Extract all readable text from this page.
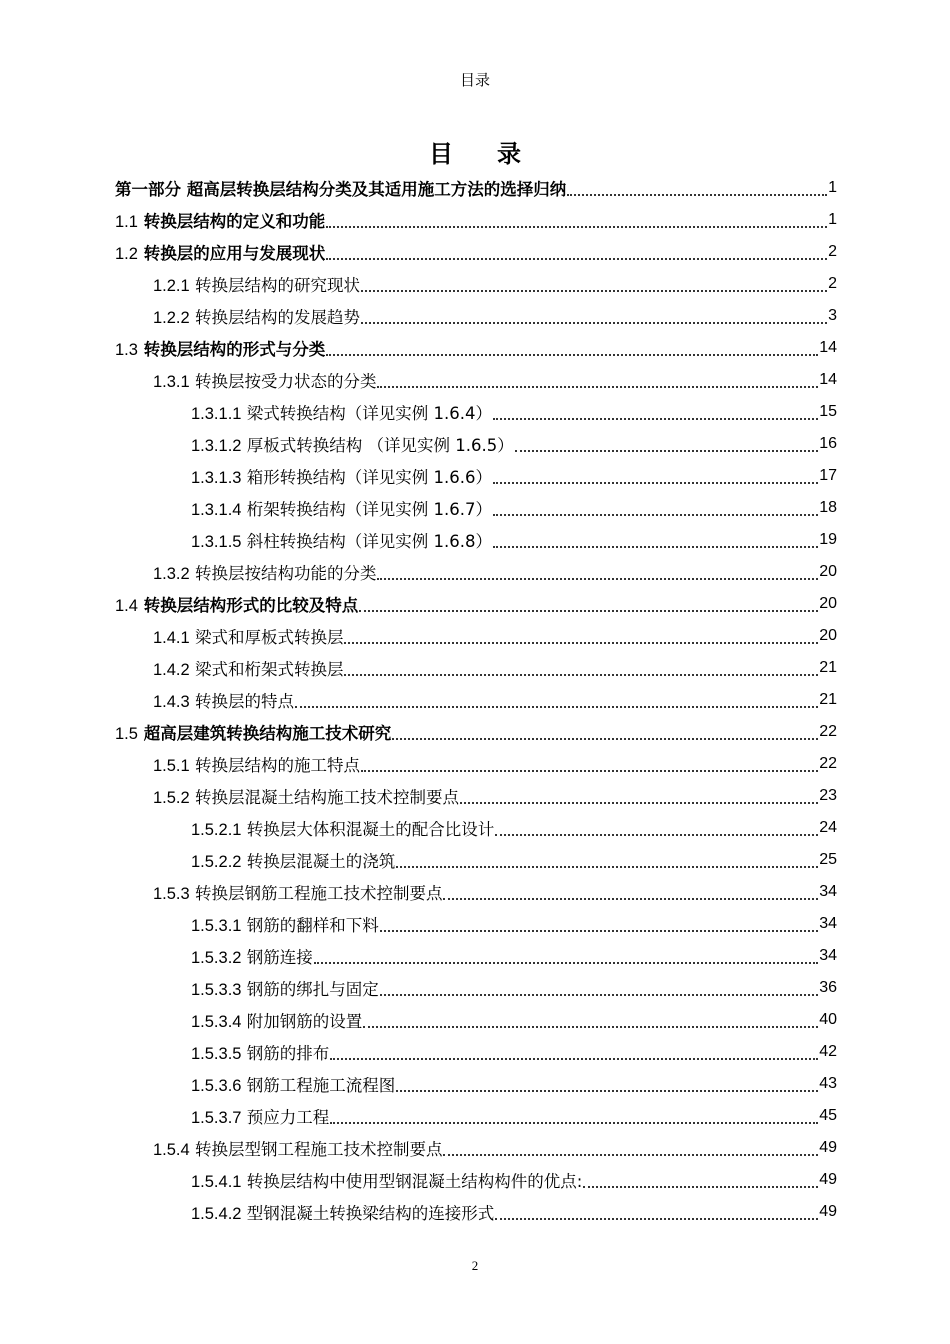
目录
目录
第一部分 超高层转换层结构分类及其适用施工方法的选择归纳	1
1.1 转换层结构的定义和功能	1
1.2 转换层的应用与发展现状	2
1.2.1 转换层结构的研究现状	2
1.2.2 转换层结构的发展趋势	3
1.3 转换层结构的形式与分类	14
1.3.1 转换层按受力状态的分类	14
1.3.1.1 梁式转换结构（详见实例 1.6.4）	15
1.3.1.2 厚板式转换结构 （详见实例 1.6.5）	16
1.3.1.3 箱形转换结构（详见实例 1.6.6）	17
1.3.1.4 桁架转换结构（详见实例 1.6.7）	18
1.3.1.5 斜柱转换结构（详见实例 1.6.8）	19
1.3.2 转换层按结构功能的分类	20
1.4 转换层结构形式的比较及特点	20
1.4.1 梁式和厚板式转换层	20
1.4.2 梁式和桁架式转换层	21
1.4.3 转换层的特点	21
1.5 超高层建筑转换结构施工技术研究	22
1.5.1 转换层结构的施工特点	22
1.5.2 转换层混凝土结构施工技术控制要点	23
1.5.2.1 转换层大体积混凝土的配合比设计	24
1.5.2.2 转换层混凝土的浇筑	25
1.5.3 转换层钢筋工程施工技术控制要点	34
1.5.3.1 钢筋的翻样和下料	34
1.5.3.2 钢筋连接	34
1.5.3.3 钢筋的绑扎与固定	36
1.5.3.4 附加钢筋的设置	40
1.5.3.5 钢筋的排布	42
1.5.3.6 钢筋工程施工流程图	43
1.5.3.7 预应力工程	45
1.5.4 转换层型钢工程施工技术控制要点	49
1.5.4.1 转换层结构中使用型钢混凝土结构构件的优点:	49
1.5.4.2 型钢混凝土转换梁结构的连接形式	49
2
